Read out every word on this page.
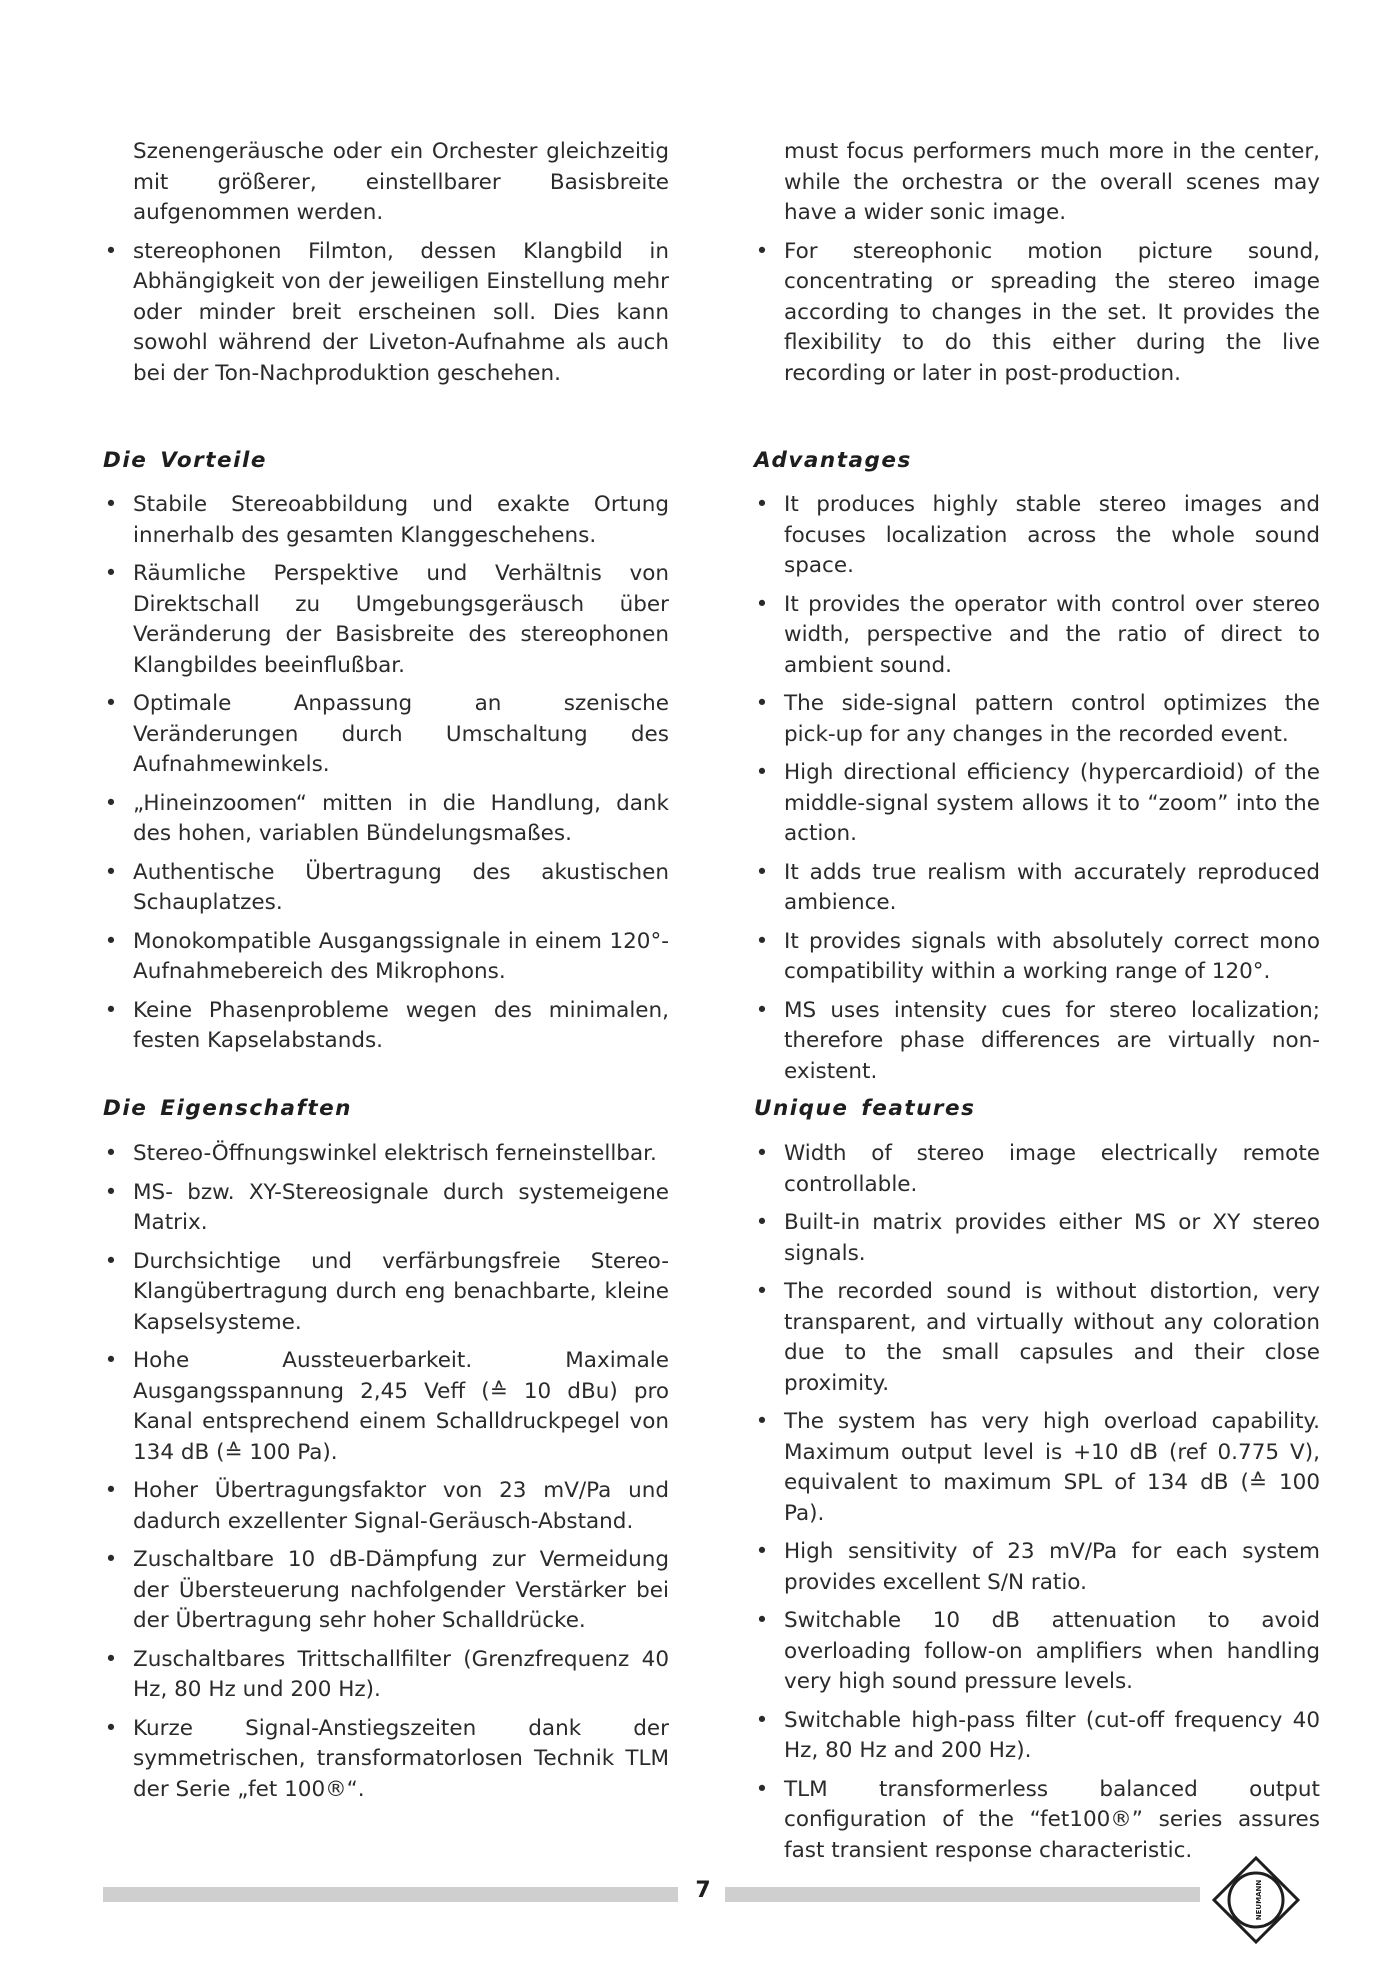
Szenengeräusche oder ein Orchester gleichzeitig mit größerer, einstellbarer Basisbreite aufgenommen werden.

• stereophonen Filmton, dessen Klangbild in Abhängigkeit von der jeweiligen Einstellung mehr oder minder breit erscheinen soll. Dies kann sowohl während der Liveton-Aufnahme als auch bei der Ton-Nachproduktion geschehen.
Die Vorteile
• Stabile Stereoabbildung und exakte Ortung innerhalb des gesamten Klanggeschehens.
• Räumliche Perspektive und Verhältnis von Direktschall zu Umgebungsgeräusch über Veränderung der Basisbreite des stereophonen Klangbildes beeinflußbar.
• Optimale Anpassung an szenische Veränderungen durch Umschaltung des Aufnahmewinkels.
• „Hineinzoomen“ mitten in die Handlung, dank des hohen, variablen Bündelungsmaßes.
• Authentische Übertragung des akustischen Schauplatzes.
• Monokompatible Ausgangssignale in einem 120°-Aufnahmebereich des Mikrophons.
• Keine Phasenprobleme wegen des minimalen, festen Kapselabstands.
Die Eigenschaften
• Stereo-Öffnungswinkel elektrisch ferneinstellbar.
• MS- bzw. XY-Stereosignale durch systemeigene Matrix.
• Durchsichtige und verfärbungsfreie Stereo-Klangübertragung durch eng benachbarte, kleine Kapselsysteme.
• Hohe Aussteuerbarkeit. Maximale Ausgangsspannung 2,45 Veff (≙ 10 dBu) pro Kanal entsprechend einem Schalldruckpegel von 134 dB (≙ 100 Pa).
• Hoher Übertragungsfaktor von 23 mV/Pa und dadurch exzellenter Signal-Geräusch-Abstand.
• Zuschaltbare 10 dB-Dämpfung zur Vermeidung der Übersteuerung nachfolgender Verstärker bei der Übertragung sehr hoher Schalldrücke.
• Zuschaltbares Trittschallfilter (Grenzfrequenz 40 Hz, 80 Hz und 200 Hz).
• Kurze Signal-Anstiegszeiten dank der symmetrischen, transformatorlosen Technik TLM der Serie „fet 100®“.

must focus performers much more in the center, while the orchestra or the overall scenes may have a wider sonic image.

• For stereophonic motion picture sound, concentrating or spreading the stereo image according to changes in the set. It provides the flexibility to do this either during the live recording or later in post-production.
Advantages
• It produces highly stable stereo images and focuses localization across the whole sound space.
• It provides the operator with control over stereo width, perspective and the ratio of direct to ambient sound.
• The side-signal pattern control optimizes the pick-up for any changes in the recorded event.
• High directional efficiency (hypercardioid) of the middle-signal system allows it to “zoom” into the action.
• It adds true realism with accurately reproduced ambience.
• It provides signals with absolutely correct mono compatibility within a working range of 120°.
• MS uses intensity cues for stereo localization; therefore phase differences are virtually non-existent.
Unique features
• Width of stereo image electrically remote controllable.
• Built-in matrix provides either MS or XY stereo signals.
• The recorded sound is without distortion, very transparent, and virtually without any coloration due to the small capsules and their close proximity.
• The system has very high overload capability. Maximum output level is +10 dB (ref 0.775 V), equivalent to maximum SPL of 134 dB (≙ 100 Pa).
• High sensitivity of 23 mV/Pa for each system provides excellent S/N ratio.
• Switchable 10 dB attenuation to avoid overloading follow-on amplifiers when handling very high sound pressure levels.
• Switchable high-pass filter (cut-off frequency 40 Hz, 80 Hz and 200 Hz).
• TLM transformerless balanced output configuration of the “fet100®” series assures fast transient response characteristic.
7	NEUMANN
